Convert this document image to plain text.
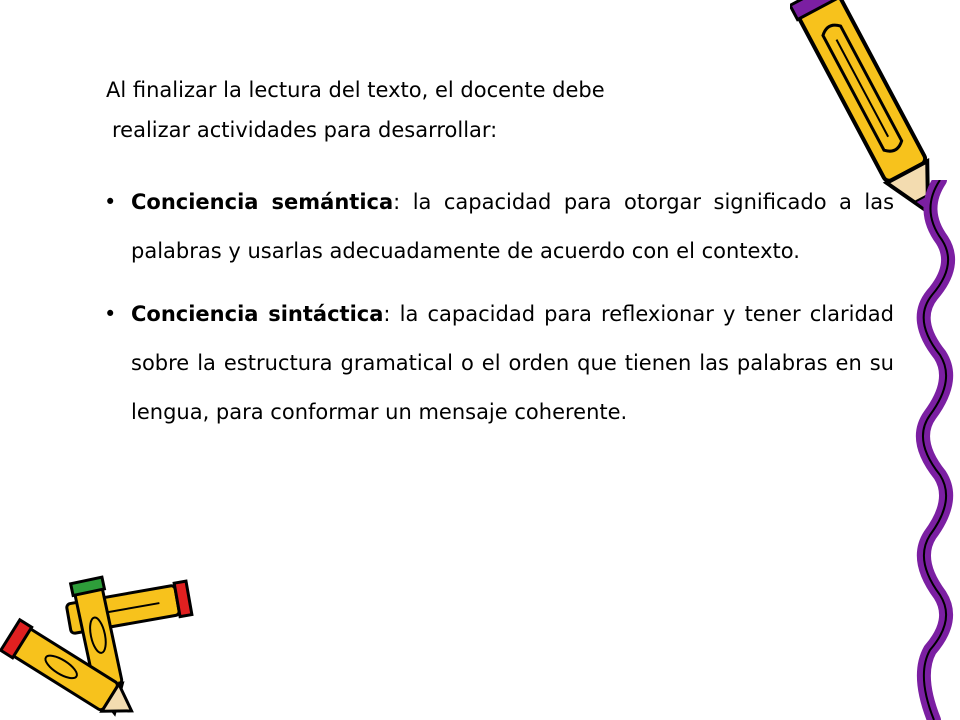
Al finalizar la lectura del texto, el docente debe

realizar actividades para desarrollar:

• Conciencia semántica: la capacidad para otorgar significado a las palabras y usarlas adecuadamente de acuerdo con el contexto.
• Conciencia sintáctica: la capacidad para reflexionar y tener claridad sobre la estructura gramatical o el orden que tienen las palabras en su lengua, para conformar un mensaje coherente.
